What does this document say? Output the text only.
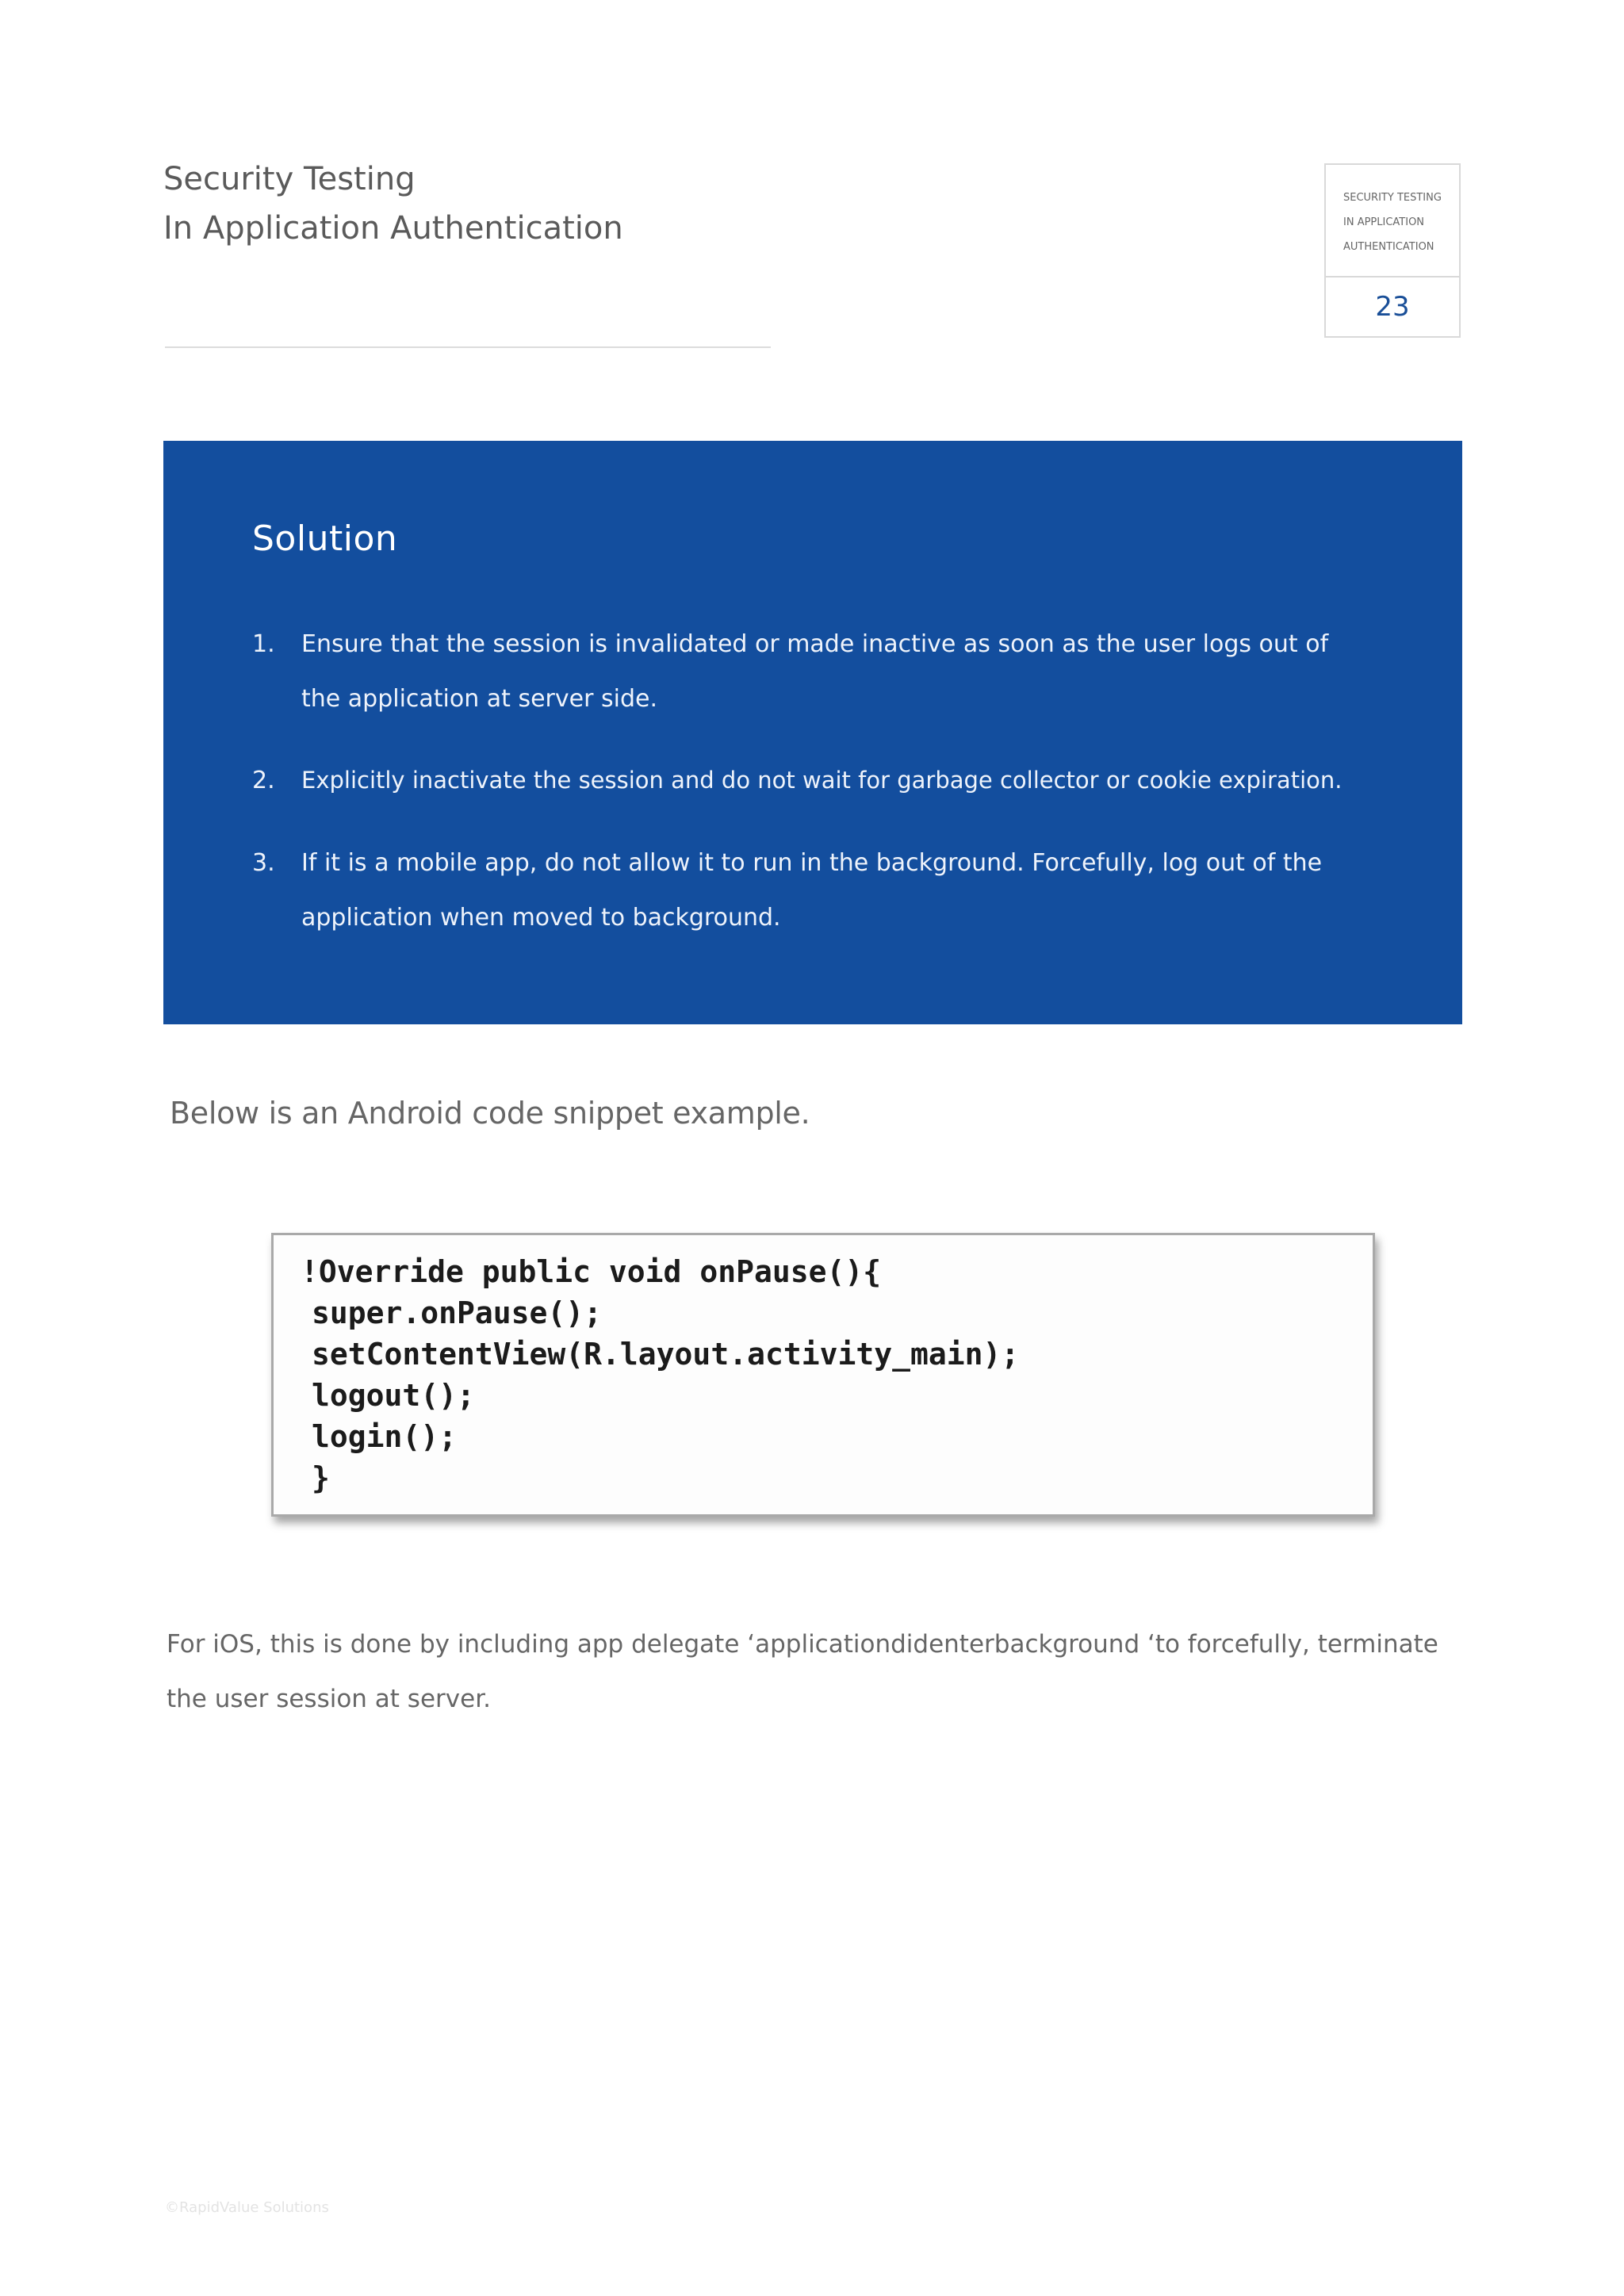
Security Testing
In Application Authentication
SECURITY TESTING
IN APPLICATION
AUTHENTICATION
23
Solution
1. Ensure that the session is invalidated or made inactive as soon as the user logs out of the application at server side.
2. Explicitly inactivate the session and do not wait for garbage collector or cookie expiration.
3. If it is a mobile app, do not allow it to run in the background. Forcefully, log out of the application when moved to background.
Below is an Android code snippet example.
!Override public void onPause(){
super.onPause();
setContentView(R.layout.activity_main);
logout();
login();
}
For iOS, this is done by including app delegate ‘applicationdidenterbackground ‘to forcefully, terminate the user session at server.
©RapidValue Solutions
